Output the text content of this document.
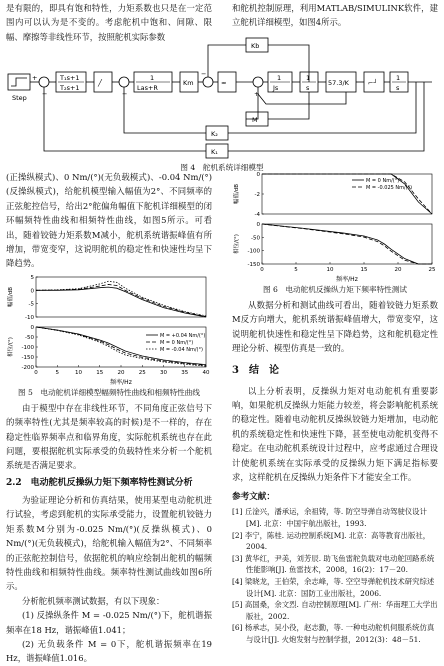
Step
T₁s+1
T₂s+1
╱
1
Las+R
Km	≈
1
Js
1
s
57.3/K	⌐┘
1
s
Kb
M
K₂
K₁
+
−	−
−
+

是有限的，即具有饱和特性，力矩系数也只是在一定范围内可以认为是不变的。考虑舵机中饱和、间隙、限幅、摩擦等非线性环节，按照舵机实际参数

(正操纵模式)、0 Nm/(°)(无负载模式)、-0.04 Nm/(°)(反操纵模式)，给舵机模型输入幅值为2°、不同频率的正弦舵控信号，给出2°舵偏角幅值下舵机详细模型的闭环幅频特性曲线和相频特性曲线，如图5所示。可看出，随着铰链力矩系数M减小，舵机系统谐振峰值有所增加，带宽变窄，这说明舵机的稳定性和快速性均呈下降趋势。

-10
-5
0
5
幅值/dB
-200
-150
-100
-50
0
相位/(°)
0	5	10	15	20	25	30	35	40
频率/Hz
M = +0.04 Nm/(°)
M = 0 Nm/(°)
M = -0.04 Nm/(°)

图 5　电动舵机详细模型幅频特性曲线和相频特性曲线

由于模型中存在非线性环节，不同角度正弦信号下的频率特性(尤其是频率较高的时候)是不一样的，存在稳定性临界频率点和临界角度，实际舵机系统也存在此问题，要根据舵机实际承受的负载特性来分析一个舵机系统是否满足要求。

2.2　电动舵机反操纵力矩下频率特性测试分析

为验证理论分析和仿真结果，使用某型电动舵机进行试验，考虑到舵机的实际承受能力，设置舵机铰链力矩系数M分别为-0.025 Nm/(°)(反操纵模式)、0 Nm/(°)(无负载模式)，给舵机输入幅值为2°、不同频率的正弦舵控制信号，依据舵机的响应绘制出舵机的幅频特性曲线和相频特性曲线。频率特性测试曲线如图6所示。

分析舵机频率测试数据，有以下现象：

(1) 反操纵条件 M = -0.025 Nm/(°)下，舵机谐振频率在18 Hz，谐振峰值1.041；

(2) 无负载条件 M = 0下，舵机谐振频率在19 Hz，谐振峰值1.016。

图 4　舵机系统详细模型

和舵机控制原理，利用MATLAB/SIMULINK软件，建立舵机详细模型，如图4所示。

-4
-2
0
幅值/dB
-150
-100
-50
0
相位/(°)
0	5	10	15	20	25
频率/Hz
M = 0 Nm/(°)
M = -0.025 Nm/(°)

图 6　电动舵机反操纵力矩下频率特性测试

从数据分析和测试曲线可看出，随着铰链力矩系数M反方向增大，舵机系统谐振峰值增大，带宽变窄，这说明舵机快速性和稳定性呈下降趋势，这和舵机稳定性理论分析、模型仿真是一致的。

3　结　论

以上分析表明，反操纵力矩对电动舵机有重要影响，如果舵机反操纵力矩能力较差，将会影响舵机系统的稳定性。随着电动舵机反操纵铰链力矩增加，电动舵机的系统稳定性和快速性下降，甚至使电动舵机变得不稳定。在电动舵机系统设计过程中，应考虑通过合理设计使舵机系统在实际承受的反操纵力矩下满足指标要求，这样舵机在反操纵力矩条件下才能安全工作。

参考文献：

[1] 丘淦兴，潘承运，余祖铸，等. 防空导弹自动驾驶仪设计[M]. 北京：中国宇航出版社，1993.

[2] 李宁，陈桂. 运动控制系统[M]. 北京：高等教育出版社，2004.

[3] 黄华红，尹美，刘芳辰. 助飞鱼雷舵负载对电动舵回路系统性能影响[J]. 鱼雷技术，2008，16(2)：17－20.

[4] 梁晓龙，王伯荣，余志峰，等. 空空导弹舵机技术研究综述设计[M]. 北京：国防工业出版社，2006.

[5] 高国桑，余文烈. 自动控制原理[M]. 广州：华南理工大学出版社，2002.

[6] 杨承志，吴小役，赵志勤，等. 一种电动舵机伺服系统仿真与设计[J]. 火炮发射与控制学报，2012(3)：48－51.
